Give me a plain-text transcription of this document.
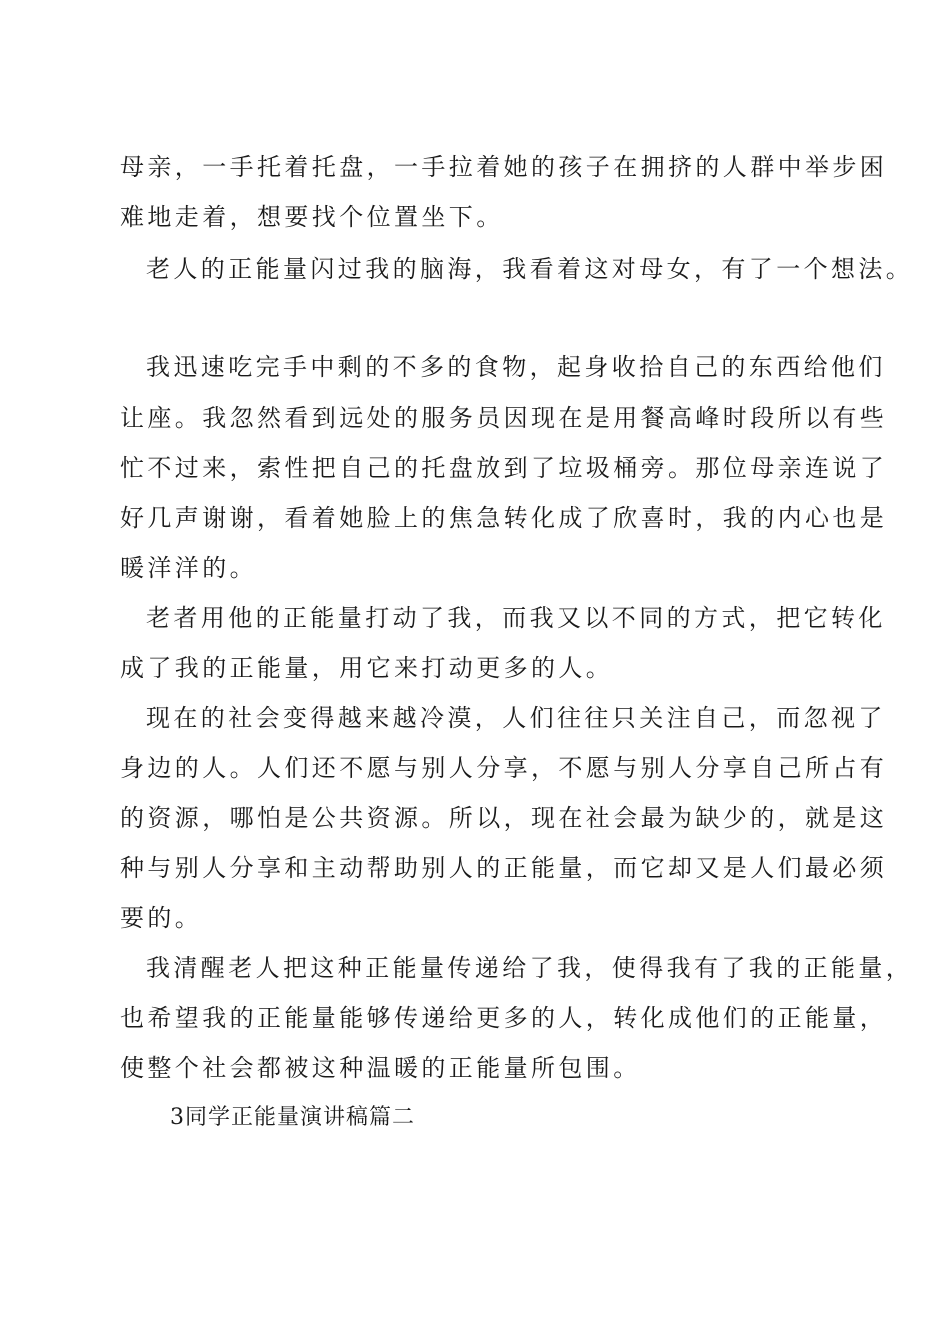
母亲，一手托着托盘，一手拉着她的孩子在拥挤的人群中举步困
难地走着，想要找个位置坐下。
老人的正能量闪过我的脑海，我看着这对母女，有了一个想法。
我迅速吃完手中剩的不多的食物，起身收拾自己的东西给他们
让座。我忽然看到远处的服务员因现在是用餐高峰时段所以有些
忙不过来，索性把自己的托盘放到了垃圾桶旁。那位母亲连说了
好几声谢谢，看着她脸上的焦急转化成了欣喜时，我的内心也是
暖洋洋的。
老者用他的正能量打动了我，而我又以不同的方式，把它转化
成了我的正能量，用它来打动更多的人。
现在的社会变得越来越冷漠，人们往往只关注自己，而忽视了
身边的人。人们还不愿与别人分享，不愿与别人分享自己所占有
的资源，哪怕是公共资源。所以，现在社会最为缺少的，就是这
种与别人分享和主动帮助别人的正能量，而它却又是人们最必须
要的。
我清醒老人把这种正能量传递给了我，使得我有了我的正能量，
也希望我的正能量能够传递给更多的人，转化成他们的正能量，
使整个社会都被这种温暖的正能量所包围。
3同学正能量演讲稿篇二
